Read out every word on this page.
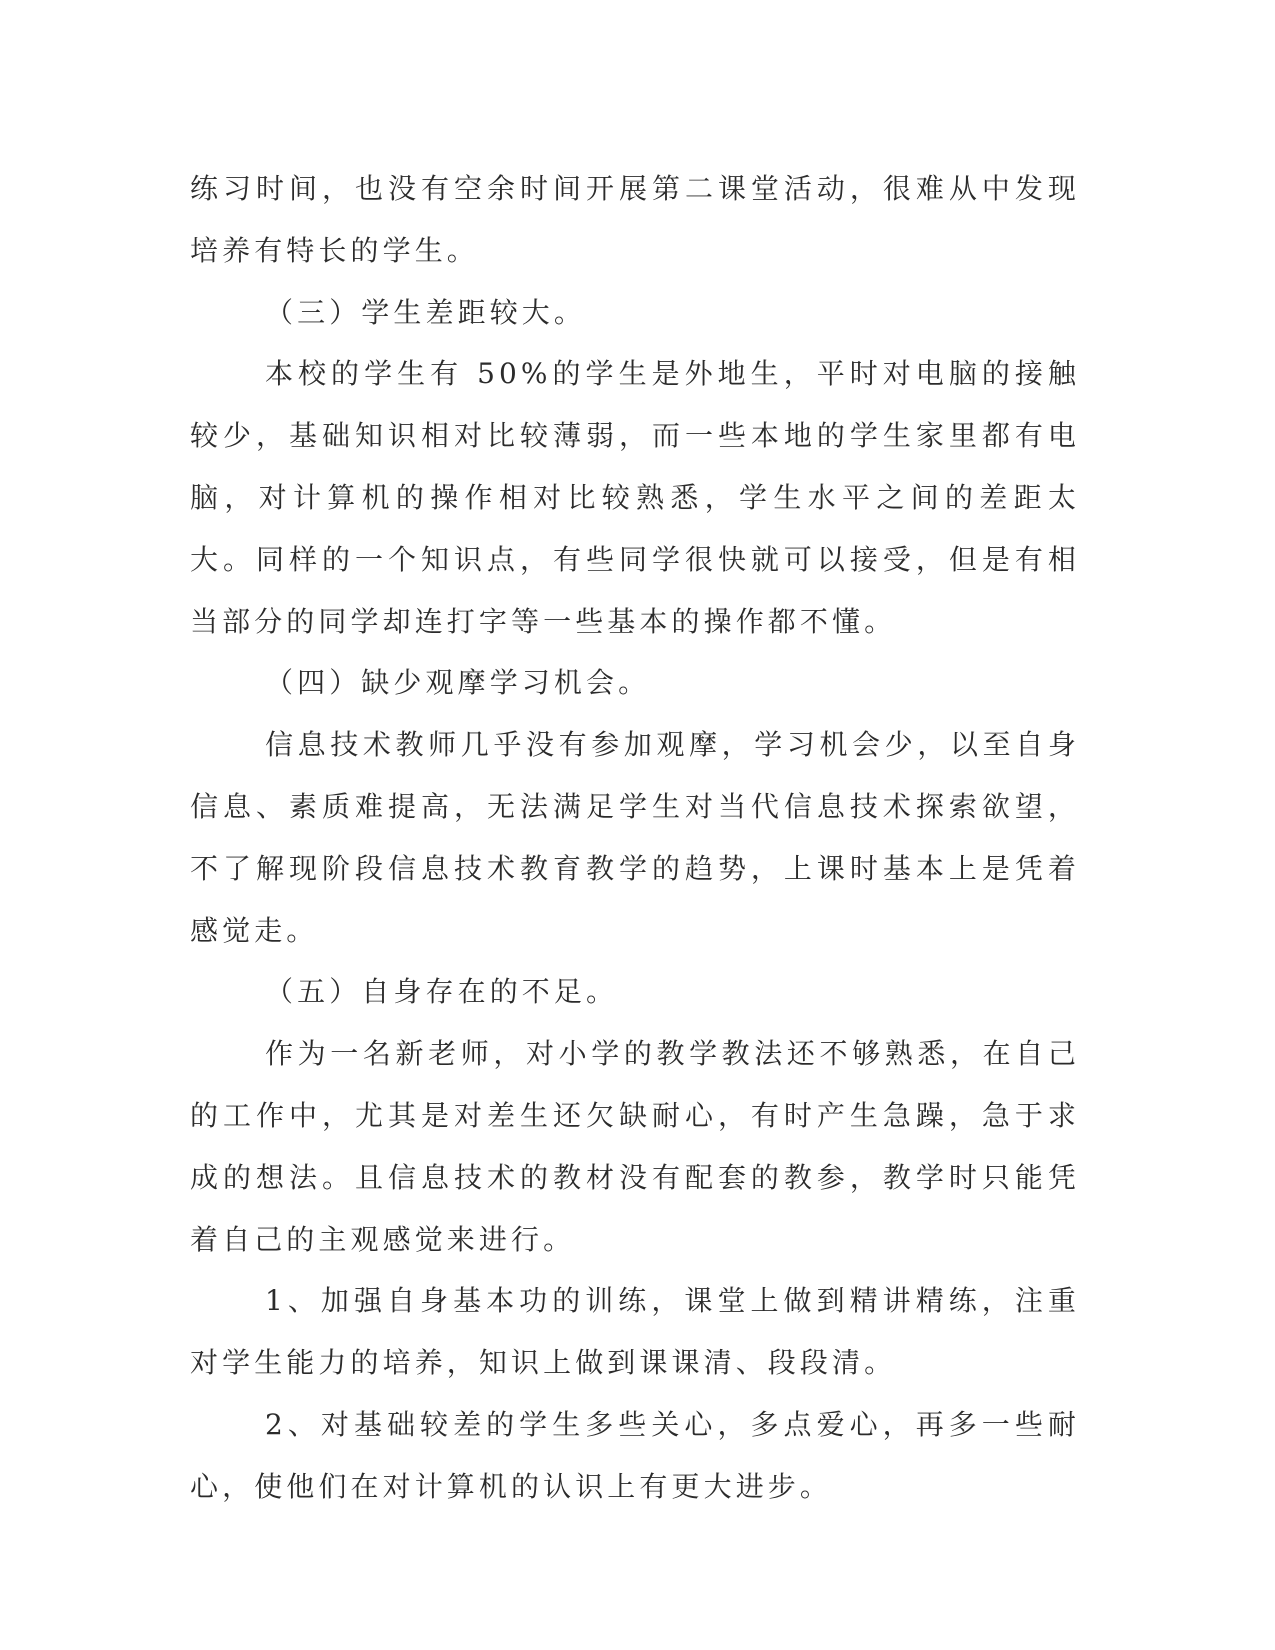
练习时间，也没有空余时间开展第二课堂活动，很难从中发现培养有特长的学生。

（三）学生差距较大。

本校的学生有 50%的学生是外地生，平时对电脑的接触较少，基础知识相对比较薄弱，而一些本地的学生家里都有电脑，对计算机的操作相对比较熟悉，学生水平之间的差距太大。同样的一个知识点，有些同学很快就可以接受，但是有相当部分的同学却连打字等一些基本的操作都不懂。

（四）缺少观摩学习机会。

信息技术教师几乎没有参加观摩，学习机会少，以至自身信息、素质难提高，无法满足学生对当代信息技术探索欲望，不了解现阶段信息技术教育教学的趋势，上课时基本上是凭着感觉走。

（五）自身存在的不足。

作为一名新老师，对小学的教学教法还不够熟悉，在自己的工作中，尤其是对差生还欠缺耐心，有时产生急躁，急于求成的想法。且信息技术的教材没有配套的教参，教学时只能凭着自己的主观感觉来进行。

1、加强自身基本功的训练，课堂上做到精讲精练，注重对学生能力的培养，知识上做到课课清、段段清。

2、对基础较差的学生多些关心，多点爱心，再多一些耐心，使他们在对计算机的认识上有更大进步。
